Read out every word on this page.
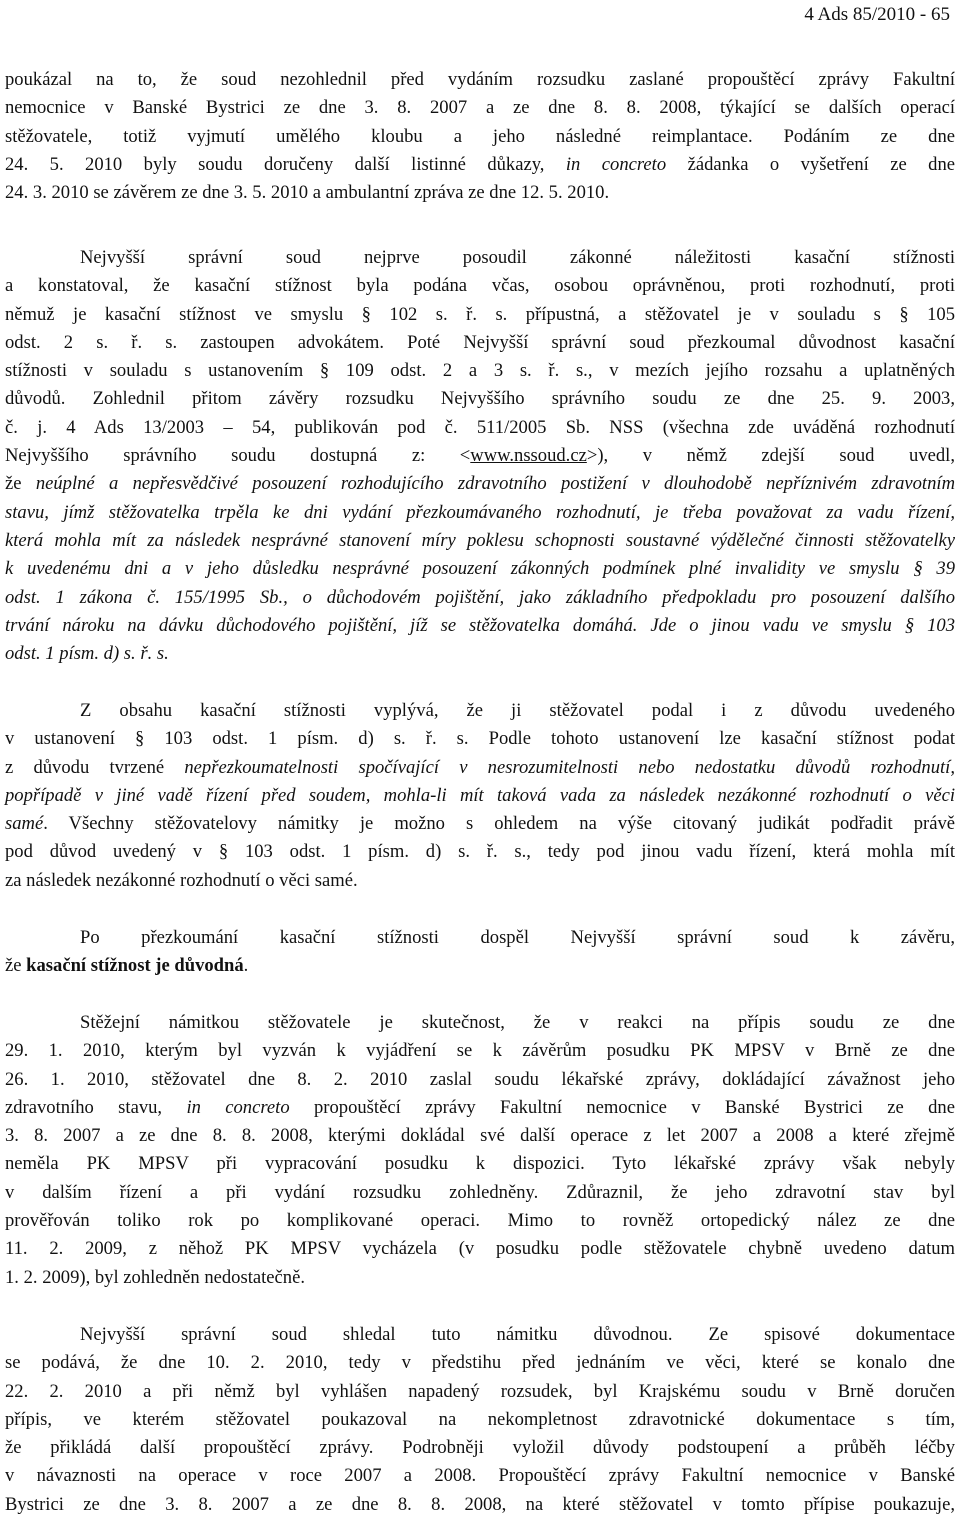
4 Ads 85/2010 - 65
poukázal na to, že soud nezohlednil před vydáním rozsudku zaslané propouštěcí zprávy Fakultní
nemocnice v Banské Bystrici ze dne 3. 8. 2007 a ze dne 8. 8. 2008, týkající se dalších operací
stěžovatele, totiž vyjmutí umělého kloubu a jeho následné reimplantace. Podáním ze dne
24. 5. 2010 byly soudu doručeny další listinné důkazy, in concreto žádanka o vyšetření ze dne
24. 3. 2010 se závěrem ze dne 3. 5. 2010 a ambulantní zpráva ze dne 12. 5. 2010.
Nejvyšší správní soud nejprve posoudil zákonné náležitosti kasační stížnosti
a konstatoval, že kasační stížnost byla podána včas, osobou oprávněnou, proti rozhodnutí, proti
němuž je kasační stížnost ve smyslu § 102 s. ř. s. přípustná, a stěžovatel je v souladu s § 105
odst. 2 s. ř. s. zastoupen advokátem. Poté Nejvyšší správní soud přezkoumal důvodnost kasační
stížnosti v souladu s ustanovením § 109 odst. 2 a 3 s. ř. s., v mezích jejího rozsahu a uplatněných
důvodů. Zohlednil přitom závěry rozsudku Nejvyššího správního soudu ze dne 25. 9. 2003,
č. j. 4 Ads 13/2003 – 54, publikován pod č. 511/2005 Sb. NSS (všechna zde uváděná rozhodnutí
Nejvyššího správního soudu dostupná z: <www.nssoud.cz>), v němž zdejší soud uvedl,
že neúplné a nepřesvědčivé posouzení rozhodujícího zdravotního postižení v dlouhodobě nepříznivém zdravotním
stavu, jímž stěžovatelka trpěla ke dni vydání přezkoumávaného rozhodnutí, je třeba považovat za vadu řízení,
která mohla mít za následek nesprávné stanovení míry poklesu schopnosti soustavné výdělečné činnosti stěžovatelky
k uvedenému dni a v jeho důsledku nesprávné posouzení zákonných podmínek plné invalidity ve smyslu § 39
odst. 1 zákona č. 155/1995 Sb., o důchodovém pojištění, jako základního předpokladu pro posouzení dalšího
trvání nároku na dávku důchodového pojištění, jíž se stěžovatelka domáhá. Jde o jinou vadu ve smyslu § 103
odst. 1 písm. d) s. ř. s.
Z obsahu kasační stížnosti vyplývá, že ji stěžovatel podal i z důvodu uvedeného
v ustanovení § 103 odst. 1 písm. d) s. ř. s. Podle tohoto ustanovení lze kasační stížnost podat
z důvodu tvrzené nepřezkoumatelnosti spočívající v nesrozumitelnosti nebo nedostatku důvodů rozhodnutí,
popřípadě v jiné vadě řízení před soudem, mohla-li mít taková vada za následek nezákonné rozhodnutí o věci
samé. Všechny stěžovatelovy námitky je možno s ohledem na výše citovaný judikát podřadit právě
pod důvod uvedený v § 103 odst. 1 písm. d) s. ř. s., tedy pod jinou vadu řízení, která mohla mít
za následek nezákonné rozhodnutí o věci samé.
Po přezkoumání kasační stížnosti dospěl Nejvyšší správní soud k závěru,
že kasační stížnost je důvodná.
Stěžejní námitkou stěžovatele je skutečnost, že v reakci na přípis soudu ze dne
29. 1. 2010, kterým byl vyzván k vyjádření se k závěrům posudku PK MPSV v Brně ze dne
26. 1. 2010, stěžovatel dne 8. 2. 2010 zaslal soudu lékařské zprávy, dokládající závažnost jeho
zdravotního stavu, in concreto propouštěcí zprávy Fakultní nemocnice v Banské Bystrici ze dne
3. 8. 2007 a ze dne 8. 8. 2008, kterými dokládal své další operace z let 2007 a 2008 a které zřejmě
neměla PK MPSV při vypracování posudku k dispozici. Tyto lékařské zprávy však nebyly
v dalším řízení a při vydání rozsudku zohledněny. Zdůraznil, že jeho zdravotní stav byl
prověřován toliko rok po komplikované operaci. Mimo to rovněž ortopedický nález ze dne
11. 2. 2009, z něhož PK MPSV vycházela (v posudku podle stěžovatele chybně uvedeno datum
1. 2. 2009), byl zohledněn nedostatečně.
Nejvyšší správní soud shledal tuto námitku důvodnou. Ze spisové dokumentace
se podává, že dne 10. 2. 2010, tedy v předstihu před jednáním ve věci, které se konalo dne
22. 2. 2010 a při němž byl vyhlášen napadený rozsudek, byl Krajskému soudu v Brně doručen
přípis, ve kterém stěžovatel poukazoval na nekompletnost zdravotnické dokumentace s tím,
že přikládá další propouštěcí zprávy. Podrobněji vyložil důvody podstoupení a průběh léčby
v návaznosti na operace v roce 2007 a 2008. Propouštěcí zprávy Fakultní nemocnice v Banské
Bystrici ze dne 3. 8. 2007 a ze dne 8. 8. 2008, na které stěžovatel v tomto přípise poukazuje,
